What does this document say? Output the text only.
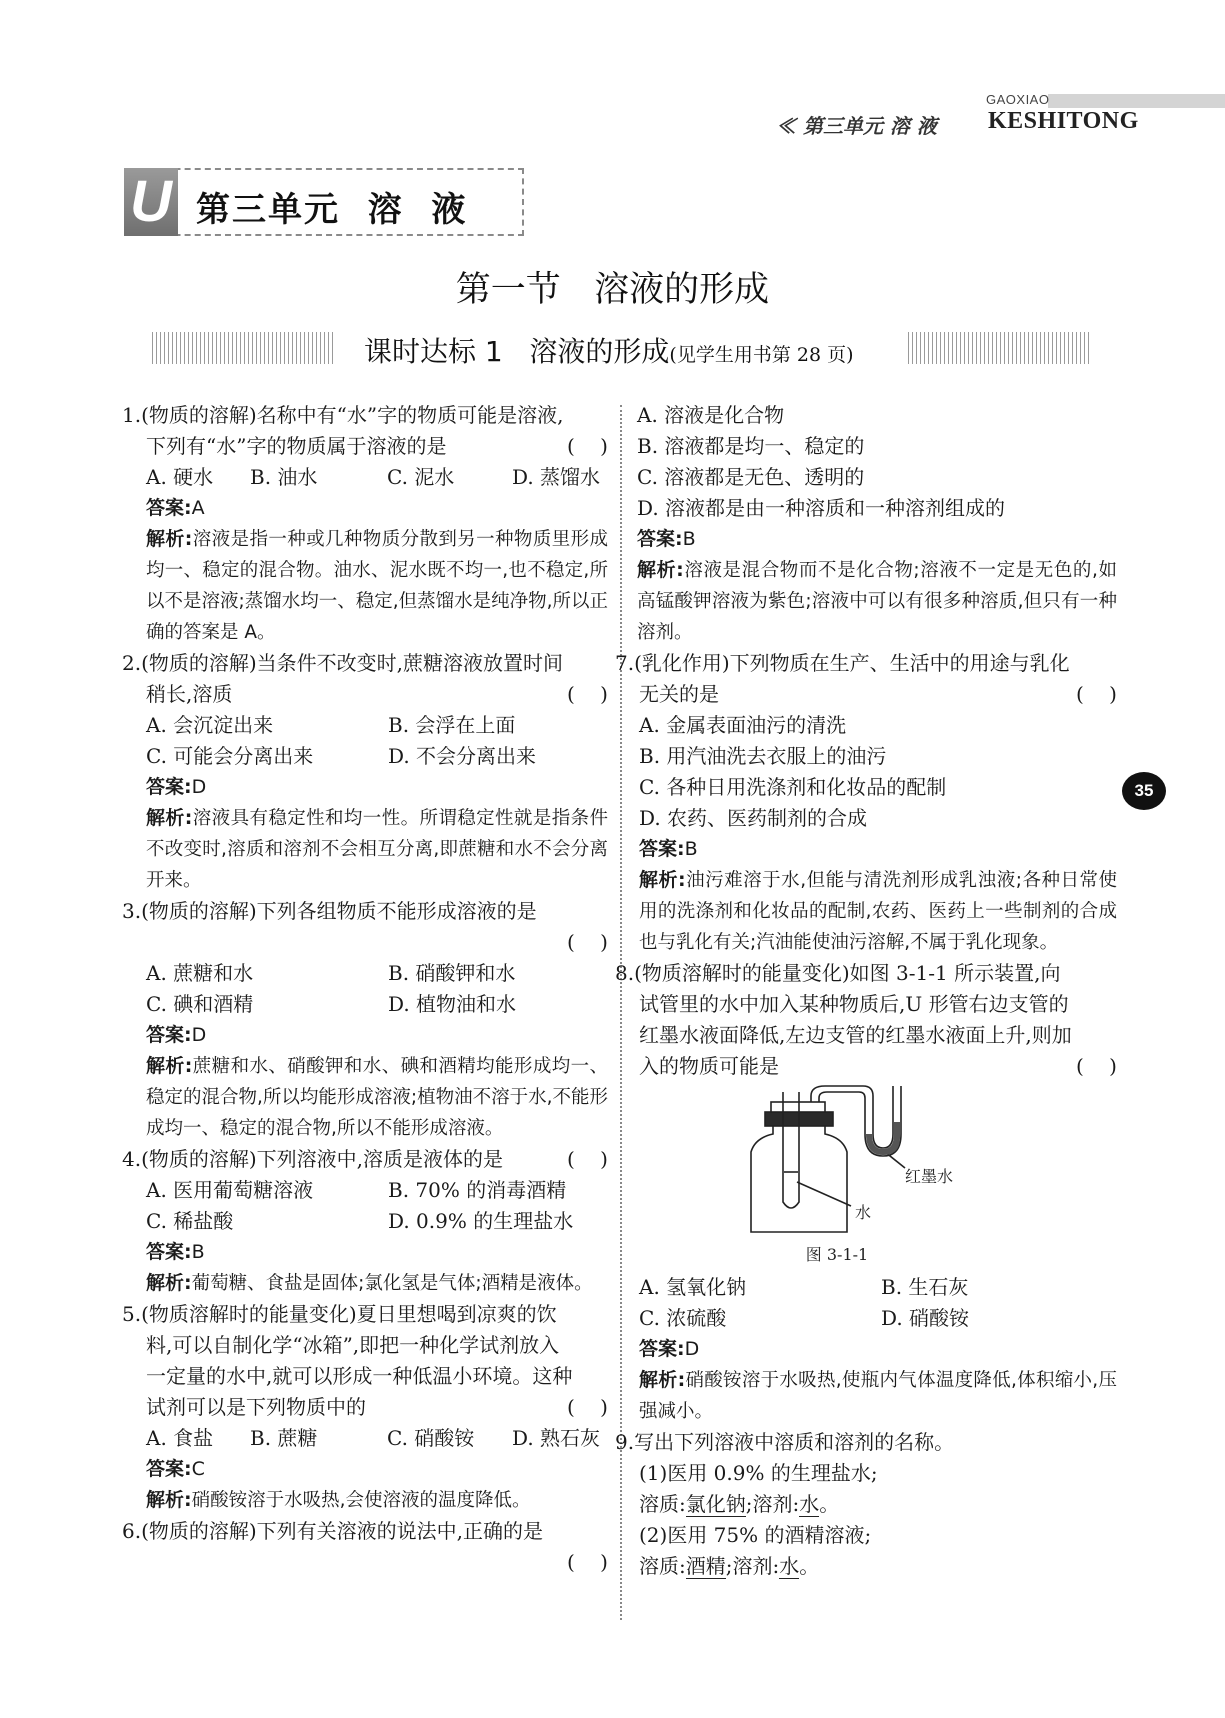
GAOXIAO
≪ 第三单元 溶 液 KESHITONG
U 第三单元  溶  液
第一节   溶液的形成
课时达标 1   溶液的形成(见学生用书第 28 页)
35
1.(物质的溶解)名称中有“水”字的物质可能是溶液,
下列有“水”字的物质属于溶液的是	(    )
A. 硬水	B. 油水	C. 泥水	D. 蒸馏水
答案:A
解析:溶液是指一种或几种物质分散到另一种物质里形成均一、稳定的混合物。油水、泥水既不均一,也不稳定,所以不是溶液;蒸馏水均一、稳定,但蒸馏水是纯净物,所以正确的答案是 A。
2.(物质的溶解)当条件不改变时,蔗糖溶液放置时间
稍长,溶质	(    )
A. 会沉淀出来	B. 会浮在上面
C. 可能会分离出来	D. 不会分离出来
答案:D
解析:溶液具有稳定性和均一性。所谓稳定性就是指条件不改变时,溶质和溶剂不会相互分离,即蔗糖和水不会分离开来。
3.(物质的溶解)下列各组物质不能形成溶液的是
(    )
A. 蔗糖和水	B. 硝酸钾和水
C. 碘和酒精	D. 植物油和水
答案:D
解析:蔗糖和水、硝酸钾和水、碘和酒精均能形成均一、稳定的混合物,所以均能形成溶液;植物油不溶于水,不能形成均一、稳定的混合物,所以不能形成溶液。
4.(物质的溶解)下列溶液中,溶质是液体的是	(    )
A. 医用葡萄糖溶液	B. 70% 的消毒酒精
C. 稀盐酸	D. 0.9% 的生理盐水
答案:B
解析:葡萄糖、食盐是固体;氯化氢是气体;酒精是液体。
5.(物质溶解时的能量变化)夏日里想喝到凉爽的饮
料,可以自制化学“冰箱”,即把一种化学试剂放入
一定量的水中,就可以形成一种低温小环境。这种
试剂可以是下列物质中的	(    )
A. 食盐	B. 蔗糖	C. 硝酸铵	D. 熟石灰
答案:C
解析:硝酸铵溶于水吸热,会使溶液的温度降低。
6.(物质的溶解)下列有关溶液的说法中,正确的是
(    )
A. 溶液是化合物
B. 溶液都是均一、稳定的
C. 溶液都是无色、透明的
D. 溶液都是由一种溶质和一种溶剂组成的
答案:B
解析:溶液是混合物而不是化合物;溶液不一定是无色的,如高锰酸钾溶液为紫色;溶液中可以有很多种溶质,但只有一种溶剂。
7.(乳化作用)下列物质在生产、生活中的用途与乳化
无关的是	(    )
A. 金属表面油污的清洗
B. 用汽油洗去衣服上的油污
C. 各种日用洗涤剂和化妆品的配制
D. 农药、医药制剂的合成
答案:B
解析:油污难溶于水,但能与清洗剂形成乳浊液;各种日常使用的洗涤剂和化妆品的配制,农药、医药上一些制剂的合成也与乳化有关;汽油能使油污溶解,不属于乳化现象。
8.(物质溶解时的能量变化)如图 3-1-1 所示装置,向
试管里的水中加入某种物质后,U 形管右边支管的
红墨水液面降低,左边支管的红墨水液面上升,则加
入的物质可能是	(    )
红墨水
水
图 3-1-1
A. 氢氧化钠	B. 生石灰
C. 浓硫酸	D. 硝酸铵
答案:D
解析:硝酸铵溶于水吸热,使瓶内气体温度降低,体积缩小,压强减小。
9.写出下列溶液中溶质和溶剂的名称。
(1)医用 0.9% 的生理盐水;
溶质:氯化钠;溶剂:水。
(2)医用 75% 的酒精溶液;
溶质:酒精;溶剂:水。
